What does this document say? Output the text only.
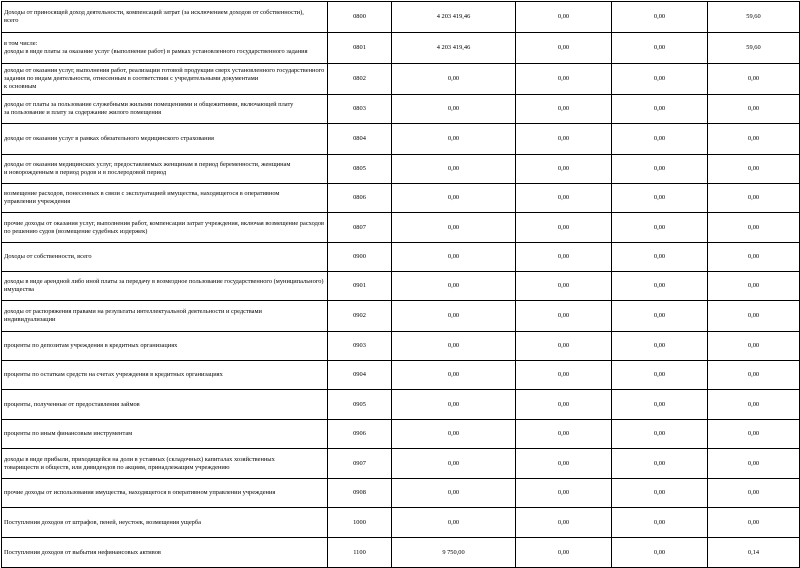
Доходы от приносящей доход деятельности, компенсаций затрат (за исключением доходов от собственности),
всего	0800	4 203 419,46	0,00	0,00	59,60
в том числе:
доходы в виде платы за оказание услуг (выполнение работ) в рамках установленного государственного задания	0801	4 203 419,46	0,00	0,00	59,60
доходы от оказания услуг, выполнения работ, реализации готовой продукции сверх установленного государственного
задания по видам деятельности, отнесенным в соответствии с учредительными документами
к основным	0802	0,00	0,00	0,00	0,00
доходы от платы за пользование служебными жилыми помещениями и общежитиями, включающей плату
за пользование и плату за содержание жилого помещения	0803	0,00	0,00	0,00	0,00
доходы от оказания услуг в рамках обязательного медицинского страхования	0804	0,00	0,00	0,00	0,00
доходы от оказания медицинских услуг, предоставляемых женщинам в период беременности, женщинам
и новорожденным в период родов и в послеродовой период	0805	0,00	0,00	0,00	0,00
возмещение расходов, понесенных в связи с эксплуатацией имущества, находящегося в оперативном
управлении учреждения	0806	0,00	0,00	0,00	0,00
прочие доходы от оказания услуг, выполнения работ, компенсации затрат учреждения, включая возмещение расходов
по решению судов (возмещение судебных издержек)	0807	0,00	0,00	0,00	0,00
Доходы от собственности, всего	0900	0,00	0,00	0,00	0,00
доходы в виде арендной либо иной платы за передачу в возмездное пользование государственного (муниципального)
имущества	0901	0,00	0,00	0,00	0,00
доходы от распоряжения правами на результаты интеллектуальной деятельности и средствами
индивидуализации	0902	0,00	0,00	0,00	0,00
проценты по депозитам учреждения в кредитных организациях	0903	0,00	0,00	0,00	0,00
проценты по остаткам средств на счетах учреждения в кредитных организациях	0904	0,00	0,00	0,00	0,00
проценты, полученные от предоставления займов	0905	0,00	0,00	0,00	0,00
проценты по иным финансовым инструментам	0906	0,00	0,00	0,00	0,00
доходы в виде прибыли, приходящейся на доли в уставных (складочных) капиталах хозяйственных
товариществ и обществ, или дивидендов по акциям, принадлежащим учреждению	0907	0,00	0,00	0,00	0,00
прочие доходы от использования имущества, находящегося в оперативном управлении учреждения	0908	0,00	0,00	0,00	0,00
Поступления доходов от штрафов, пеней, неустоек, возмещения ущерба	1000	0,00	0,00	0,00	0,00
Поступления доходов от выбытия нефинансовых активов	1100	9 750,00	0,00	0,00	0,14
